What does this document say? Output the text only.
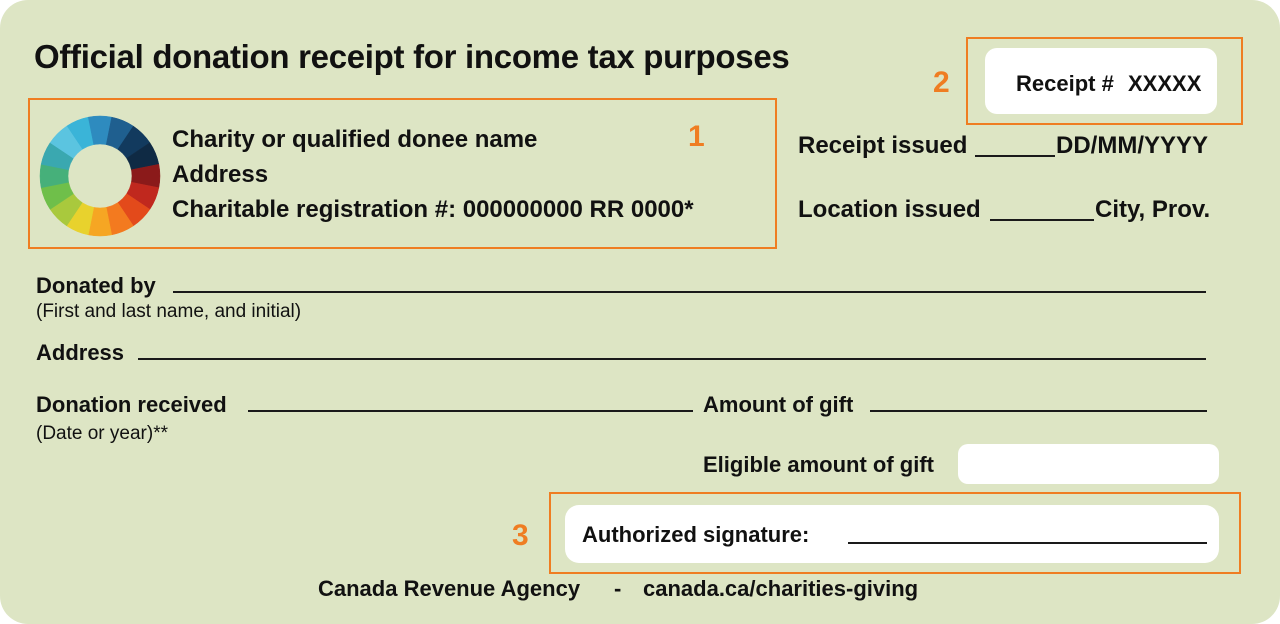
Official donation receipt for income tax purposes
1
Charity or qualified donee name
Address
Charitable registration #: 000000000 RR 0000*
2	Receipt # XXXXX
Receipt issued	DD/MM/YYYY
Location issued	City, Prov.
Donated by
(First and last name, and initial)
Address
Donation received
(Date or year)**
Amount of gift
Eligible amount of gift
3 Authorized signature:
Canada Revenue Agency - canada.ca/charities-giving
